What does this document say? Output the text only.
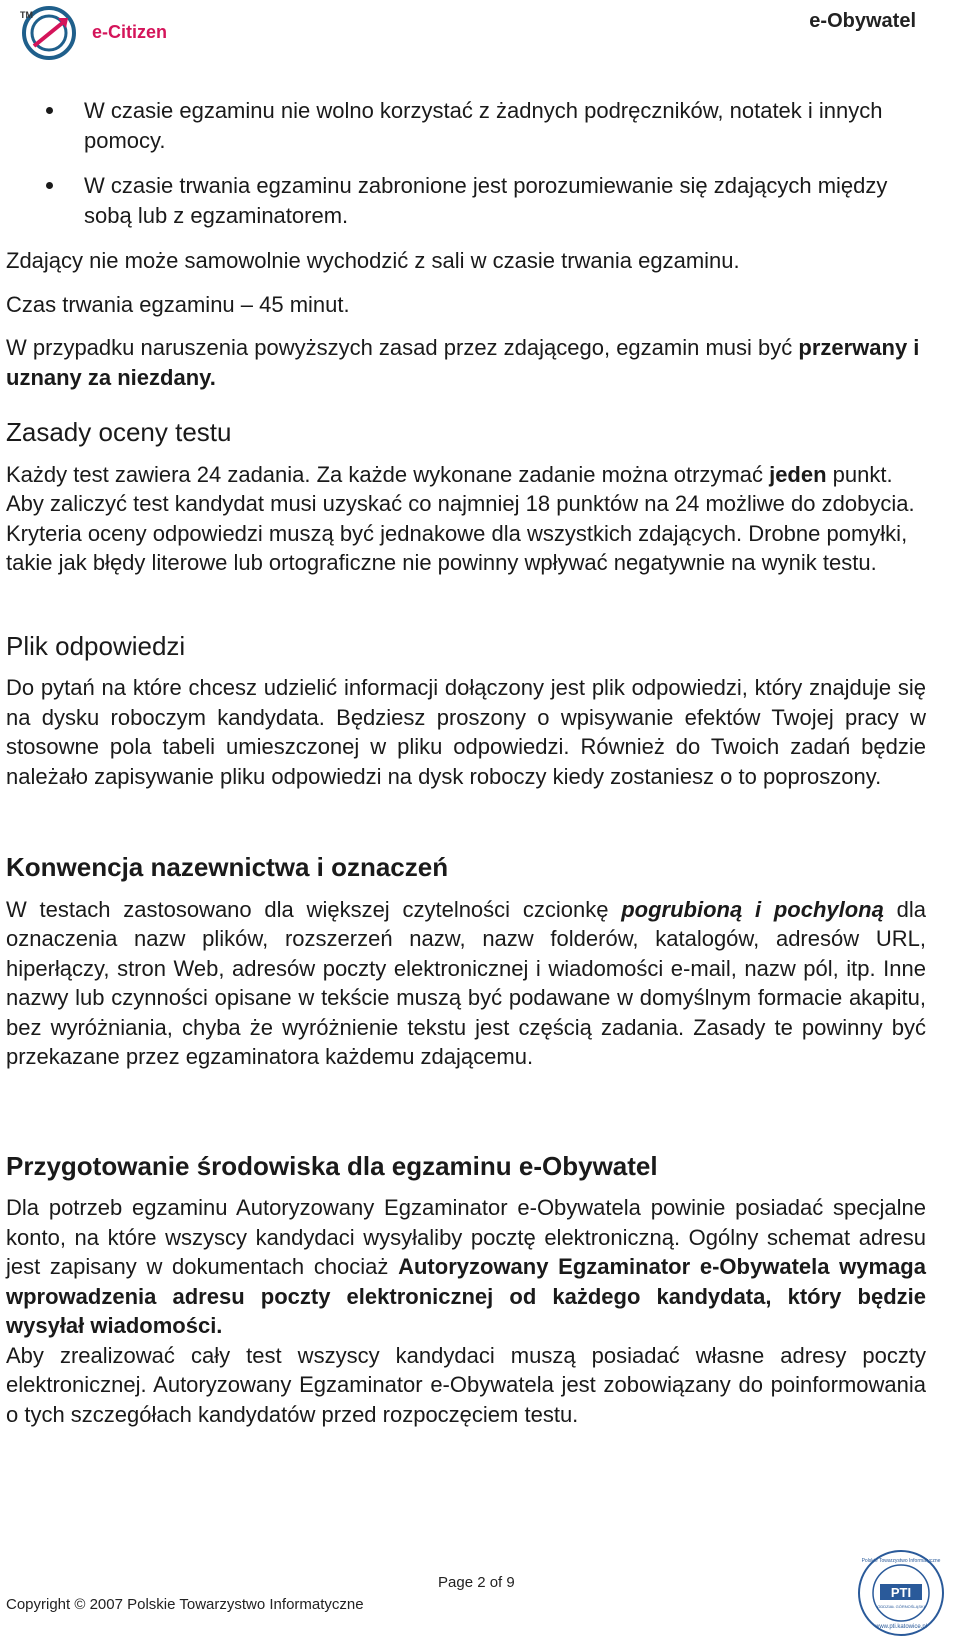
TM
e-Citizen	e-Obywatel
W czasie egzaminu nie wolno korzystać z żadnych podręczników, notatek i innych pomocy.
W czasie trwania egzaminu zabronione jest porozumiewanie się zdających między sobą lub z egzaminatorem.

Zdający nie może samowolnie wychodzić z sali w czasie trwania egzaminu.

Czas trwania egzaminu – 45 minut.

W przypadku naruszenia powyższych zasad przez zdającego, egzamin musi być przerwany i uznany za niezdany.

Zasady oceny testu

Każdy test zawiera 24 zadania. Za każde wykonane zadanie można otrzymać jeden punkt. Aby zaliczyć test kandydat musi uzyskać co najmniej 18 punktów na 24 możliwe do zdobycia. Kryteria oceny odpowiedzi muszą być jednakowe dla wszystkich zdających. Drobne pomyłki, takie jak błędy literowe lub ortograficzne nie powinny wpływać negatywnie na wynik testu.

Plik odpowiedzi

Do pytań na które chcesz udzielić informacji dołączony jest plik odpowiedzi, który znajduje się na dysku roboczym kandydata. Będziesz proszony o wpisywanie efektów Twojej pracy w stosowne pola tabeli umieszczonej w pliku odpowiedzi. Również do Twoich zadań będzie należało zapisywanie pliku odpowiedzi na dysk roboczy kiedy zostaniesz o to poproszony.

Konwencja nazewnictwa i oznaczeń

W testach zastosowano dla większej czytelności czcionkę pogrubioną i pochyloną dla oznaczenia nazw plików, rozszerzeń nazw, nazw folderów, katalogów, adresów URL, hiperłączy, stron Web, adresów poczty elektronicznej i wiadomości e-mail, nazw pól, itp. Inne nazwy lub czynności opisane w tekście muszą być podawane w domyślnym formacie akapitu, bez wyróżniania, chyba że wyróżnienie tekstu jest częścią zadania. Zasady te powinny być przekazane przez egzaminatora każdemu zdającemu.

Przygotowanie środowiska dla egzaminu e-Obywatel

Dla potrzeb egzaminu Autoryzowany Egzaminator e-Obywatela powinie posiadać specjalne konto, na które wszyscy kandydaci wysyłaliby pocztę elektroniczną. Ogólny schemat adresu jest zapisany w dokumentach chociaż Autoryzowany Egzaminator e-Obywatela wymaga wprowadzenia adresu poczty elektronicznej od każdego kandydata, który będzie wysyłał wiadomości.

Aby zrealizować cały test wszyscy kandydaci muszą posiadać własne adresy poczty elektronicznej. Autoryzowany Egzaminator e-Obywatela jest zobowiązany do poinformowania o tych szczegółach kandydatów przed rozpoczęciem testu.

Page 2 of 9
Copyright © 2007 Polskie Towarzystwo Informatyczne
PTI
ODDZIAŁ GÓRNOŚLĄSKI
www.pti.katowice.pl
Polskie Towarzystwo Informatyczne
